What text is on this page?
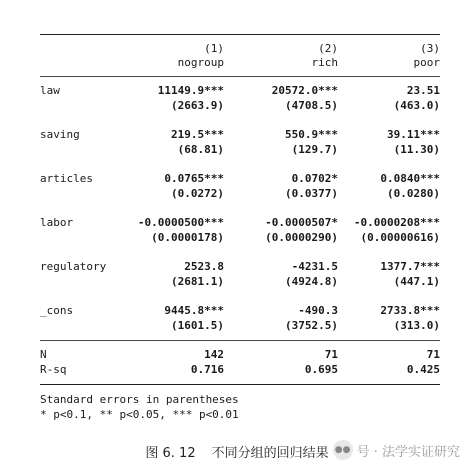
(1)	(2)	(3)
nogroup	rich	poor
law	11149.9***	20572.0***	23.51
(2663.9)	(4708.5)	(463.0)
saving	219.5***	550.9***	39.11***
(68.81)	(129.7)	(11.30)
articles	0.0765***	0.0702*	0.0840***
(0.0272)	(0.0377)	(0.0280)
labor	-0.0000500***	-0.0000507* -0.0000208***
(0.0000178)	(0.0000290) (0.00000616)
regulatory	2523.8	-4231.5	1377.7***
(2681.1)	(4924.8)	(447.1)
_cons	9445.8***	-490.3	2733.8***
(1601.5)	(3752.5)	(313.0)
N	142	71	71
R-sq	0.716	0.695	0.425
Standard errors in parentheses
* p<0.1, ** p<0.05, *** p<0.01
图 6. 12 不同分组的回归结果 ●● 号 · 法学实证研究
